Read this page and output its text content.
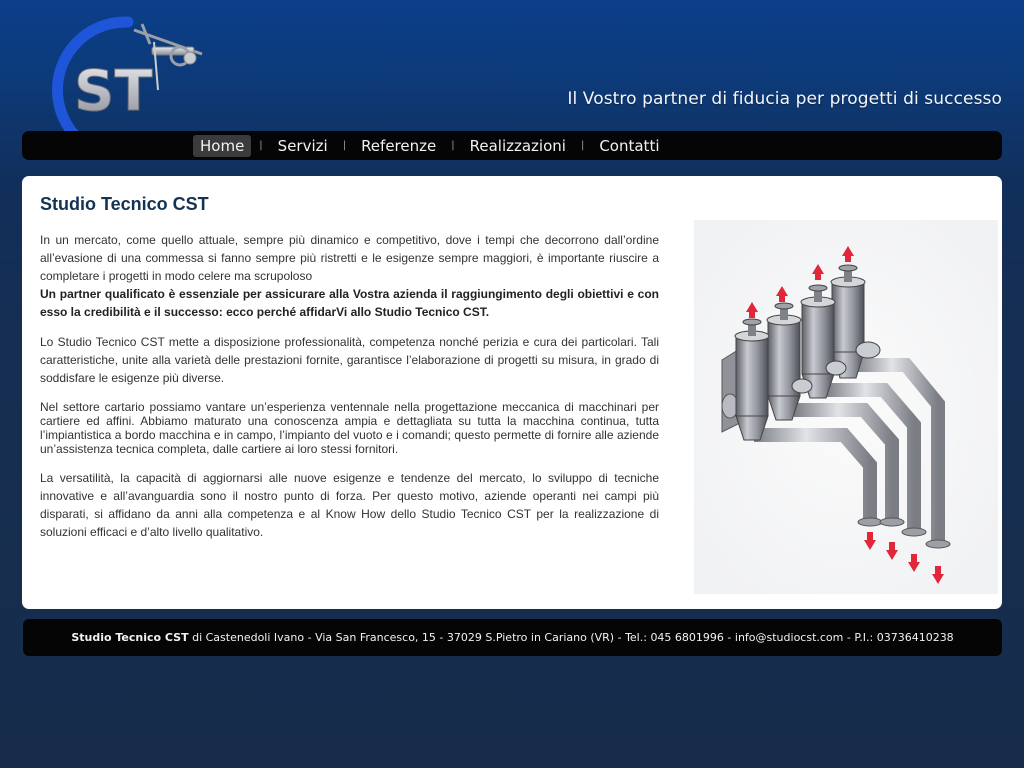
ST	Il Vostro partner di fiducia per progetti di successo
Home	|	Servizi	|	Referenze	|	Realizzazioni	|	Contatti
Studio Tecnico CST

In un mercato, come quello attuale, sempre più dinamico e competitivo, dove i tempi che decorrono dall’ordine all’evasione di una commessa si fanno sempre più ristretti e le esigenze sempre maggiori, è importante riuscire a completare i progetti in modo celere ma scrupoloso
Un partner qualificato è essenziale per assicurare alla Vostra azienda il raggiungimento degli obiettivi e con esso la credibilità e il successo: ecco perché affidarVi allo Studio Tecnico CST.

Lo Studio Tecnico CST mette a disposizione professionalità, competenza nonché perizia e cura dei particolari. Tali caratteristiche, unite alla varietà delle prestazioni fornite, garantisce l’elaborazione di progetti su misura, in grado di soddisfare le esigenze più diverse.

Nel settore cartario possiamo vantare un’esperienza ventennale nella progettazione meccanica di macchinari per cartiere ed affini. Abbiamo maturato una conoscenza ampia e dettagliata su tutta la macchina continua, tutta l’impiantistica a bordo macchina e in campo, l’impianto del vuoto e i comandi; questo permette di fornire alle aziende un’assistenza tecnica completa, dalle cartiere ai loro stessi fornitori.

La versatilità, la capacità di aggiornarsi alle nuove esigenze e tendenze del mercato, lo sviluppo di tecniche innovative e all’avanguardia sono il nostro punto di forza. Per questo motivo, aziende operanti nei campi più disparati, si affidano da anni alla competenza e al Know How dello Studio Tecnico CST per la realizzazione di soluzioni efficaci e d’alto livello qualitativo.

Studio Tecnico CST di Castenedoli Ivano - Via San Francesco, 15 - 37029 S.Pietro in Cariano (VR) - Tel.: 045 6801996 - info@studiocst.com - P.I.: 03736410238
